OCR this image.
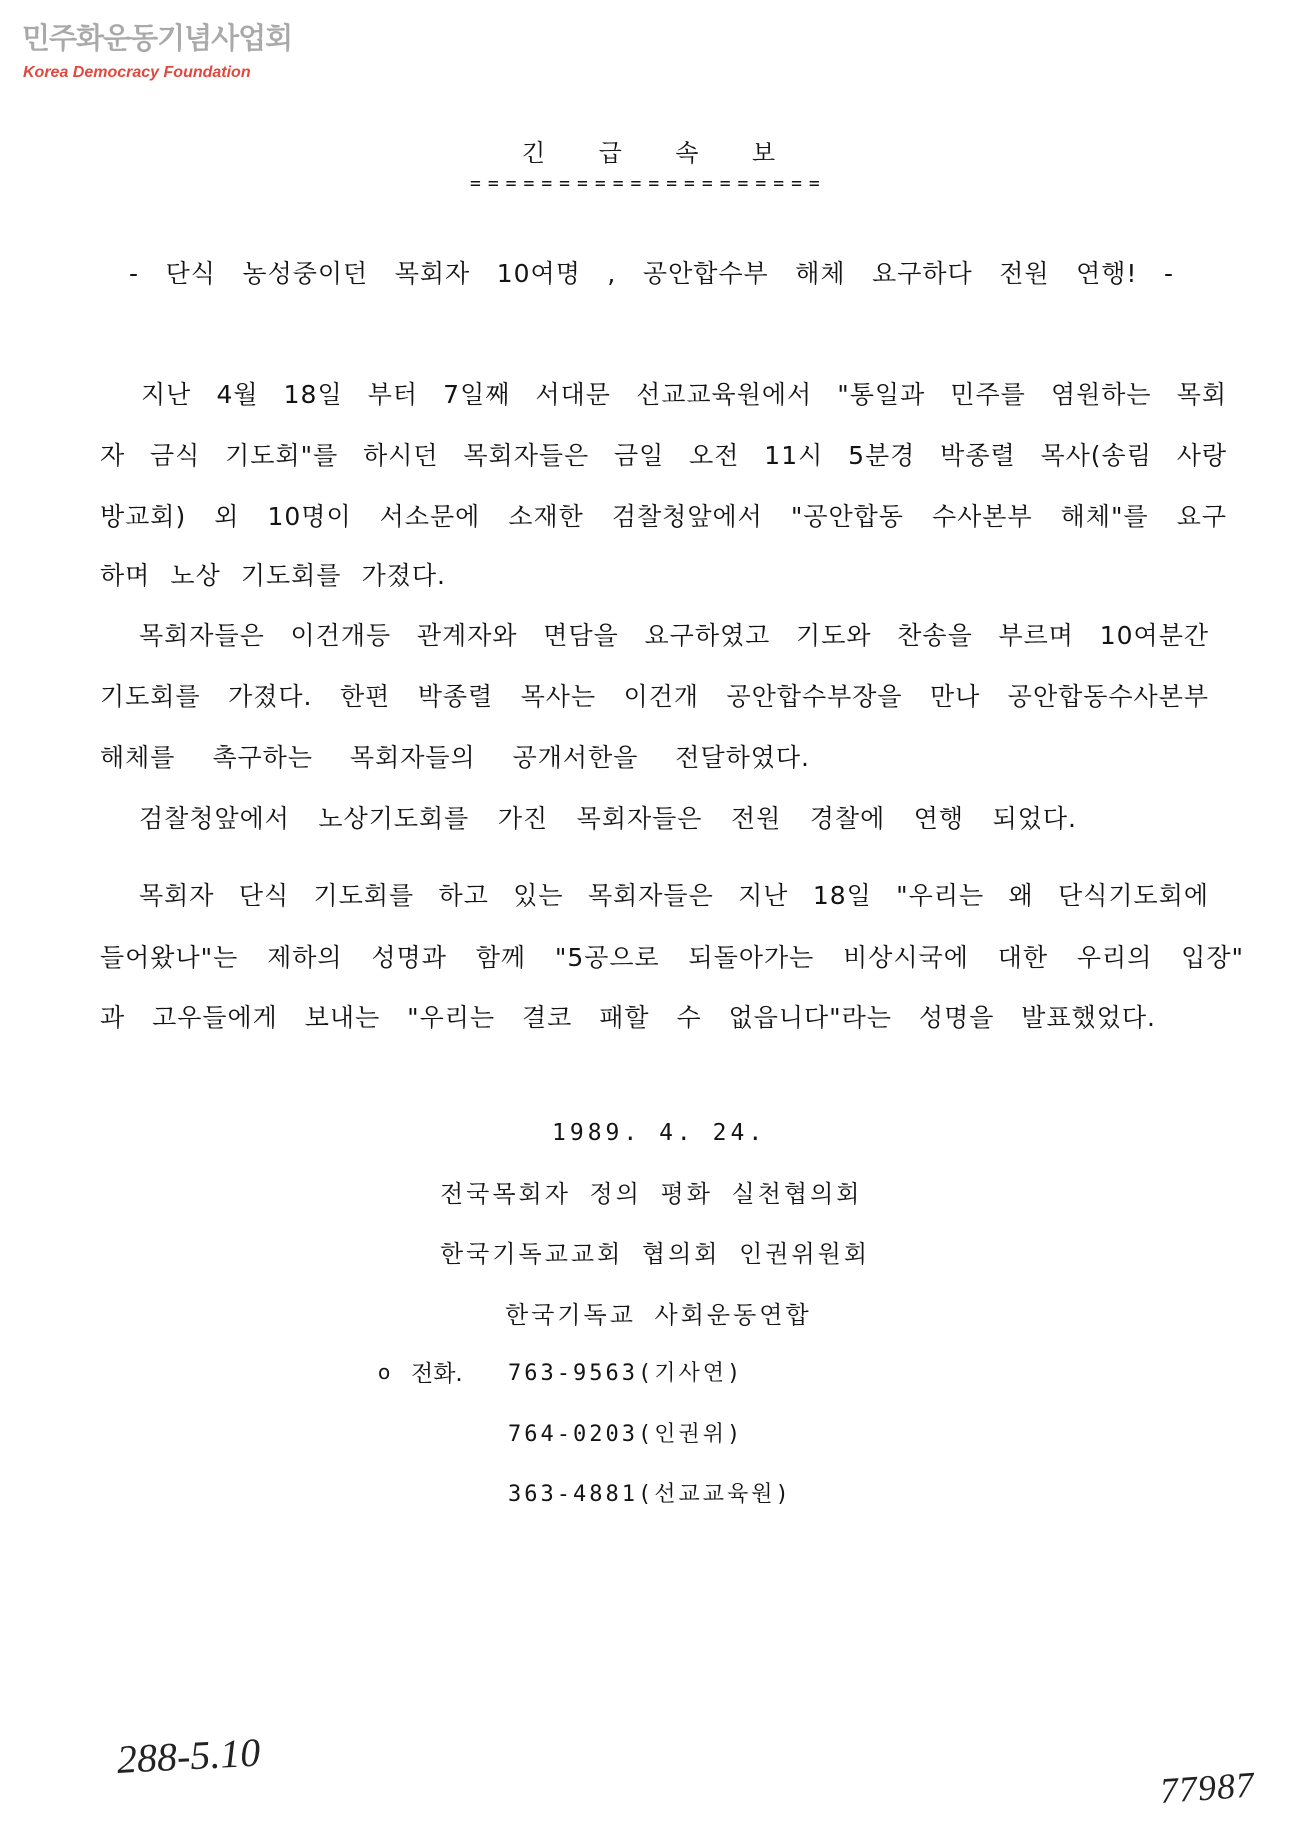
민주화운동기념사업회
Korea Democracy Foundation
긴 급 속 보
====================
- 단식 농성중이던 목회자 10여명 , 공안합수부 해체 요구하다 전원 연행! -
지난 4월 18일 부터 7일째 서대문 선교교육원에서 "통일과 민주를 염원하는 목회
자 금식 기도회"를 하시던 목회자들은 금일 오전 11시 5분경 박종렬 목사(송림 사랑
방교회) 외 10명이 서소문에 소재한 검찰청앞에서 "공안합동 수사본부 해체"를 요구
하며 노상 기도회를 가졌다.
목회자들은 이건개등 관계자와 면담을 요구하였고 기도와 찬송을 부르며 10여분간
기도회를 가졌다. 한편 박종렬 목사는 이건개 공안합수부장을 만나 공안합동수사본부
해체를 촉구하는 목회자들의 공개서한을 전달하였다.
검찰청앞에서 노상기도회를 가진 목회자들은 전원 경찰에 연행 되었다.
목회자 단식 기도회를 하고 있는 목회자들은 지난 18일 "우리는 왜 단식기도회에
들어왔나"는 제하의 성명과 함께 "5공으로 되돌아가는 비상시국에 대한 우리의 입장"
과 고우들에게 보내는 "우리는 결코 패할 수 없읍니다"라는 성명을 발표했었다.
1989. 4. 24.
전국목회자 정의 평화 실천협의회
한국기독교교회 협의회 인권위원회
한국기독교 사회운동연합
o 전화. 763-9563(기사연)
764-0203(인권위)
363-4881(선교교육원)
288-5.10
77987
